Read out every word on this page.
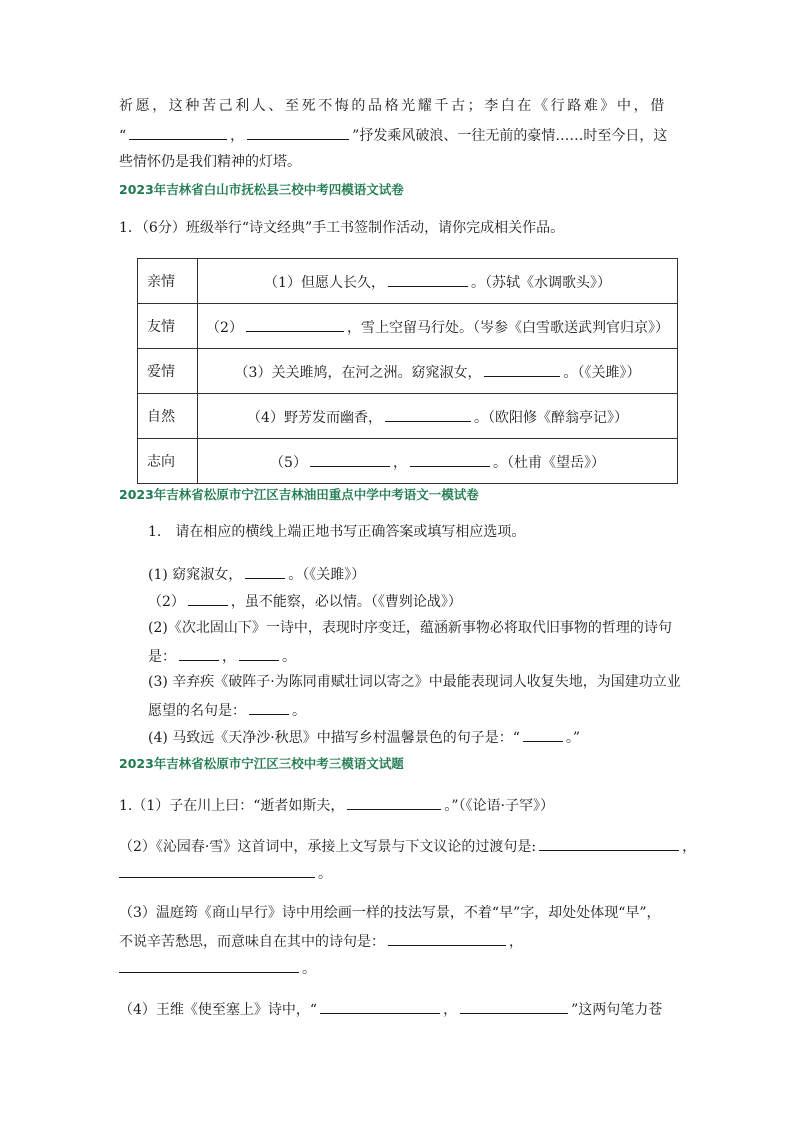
祈愿，这种苦己利人、至死不悔的品格光耀千古；李白在《行路难》中，借
“	，	”抒发乘风破浪、一往无前的豪情……时至今日，这
些情怀仍是我们精神的灯塔。
2023年吉林省白山市抚松县三校中考四模语文试卷
1．（6分）班级举行“诗文经典”手工书签制作活动，请你完成相关作品。
亲情	（1）但愿人长久， 。（苏轼《水调歌头》）
友情	（2） ，雪上空留马行处。（岑参《白雪歌送武判官归京》）
爱情	（3）关关雎鸠，在河之洲。窈窕淑女， 。（《关雎》）
自然	（4）野芳发而幽香， 。（欧阳修《醉翁亭记》）
志向	（5） ， 。（杜甫《望岳》）
2023年吉林省松原市宁江区吉林油田重点中学中考语文一模试卷
1.　请在相应的横线上端正地书写正确答案或填写相应选项。
(1) 窈窕淑女，	。（《关雎》）
（2）	，虽不能察，必以情。（《曹刿论战》）
(2)《次北固山下》一诗中，表现时序变迁，蕴涵新事物必将取代旧事物的哲理的诗句
是：	，	。
(3) 辛弃疾《破阵子·为陈同甫赋壮词以寄之》中最能表现词人收复失地，为国建功立业
愿望的名句是：	。
(4) 马致远《天净沙·秋思》中描写乡村温馨景色的句子是：“	。”
2023年吉林省松原市宁江区三校中考三模语文试题
1.（1）子在川上曰：“逝者如斯夫，	。”（《论语·子罕》）
（2）《沁园春·雪》这首词中，承接上文写景与下文议论的过渡句是:	，
。
（3）温庭筠《商山早行》诗中用绘画一样的技法写景，不着“早”字，却处处体现“早”，
不说辛苦愁思，而意味自在其中的诗句是：	，
。
（4）王维《使至塞上》诗中，“	，	”这两句笔力苍
